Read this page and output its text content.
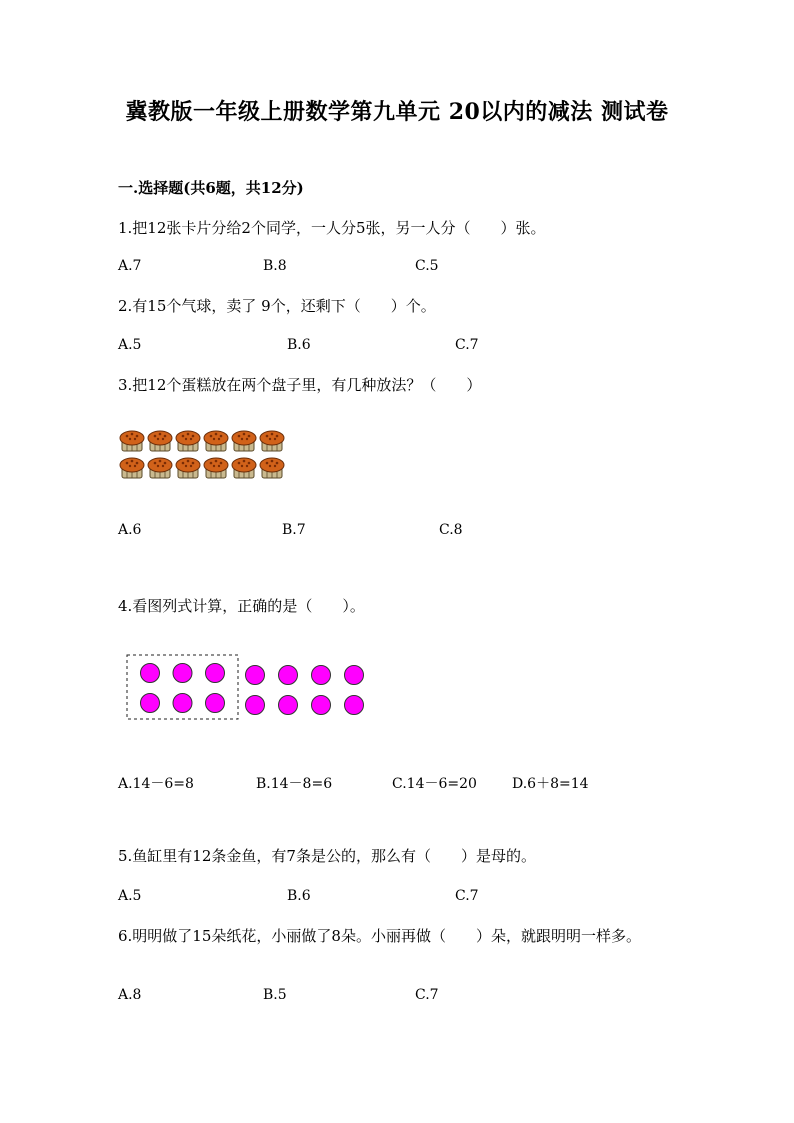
冀教版一年级上册数学第九单元 20以内的减法 测试卷
一.选择题(共6题，共12分)
1.把12张卡片分给2个同学，一人分5张，另一人分（　　）张。
A.7	B.8	C.5
2.有15个气球，卖了 9个，还剩下（　　）个。
A.5	B.6	C.7
3.把12个蛋糕放在两个盘子里，有几种放法？（　　）
A.6	B.7	C.8
4.看图列式计算，正确的是（　　）。
A.14－6=8	B.14－8=6	C.14－6=20	D.6＋8=14
5.鱼缸里有12条金鱼，有7条是公的，那么有（　　）是母的。
A.5	B.6	C.7
6.明明做了15朵纸花，小丽做了8朵。小丽再做（　　）朵，就跟明明一样多。
A.8	B.5	C.7
